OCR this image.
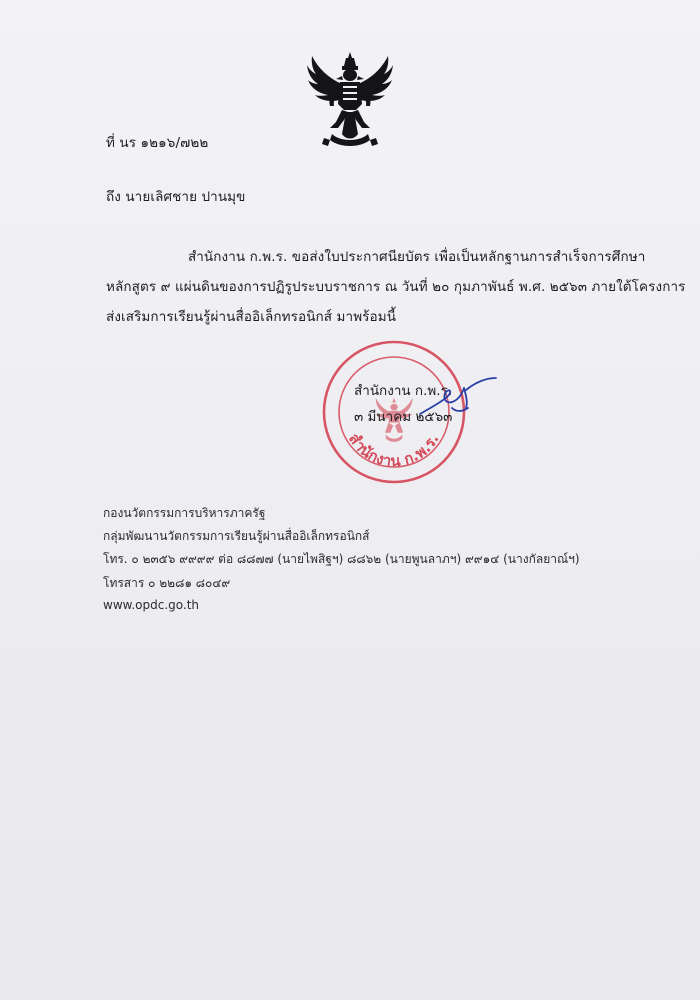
ที่ นร ๑๒๑๖/๗๒๒
ถึง นายเลิศชาย ปานมุข
สำนักงาน ก.พ.ร. ขอส่งใบประกาศนียบัตร เพื่อเป็นหลักฐานการสำเร็จการศึกษา
หลักสูตร ๙ แผ่นดินของการปฏิรูประบบราชการ ณ วันที่ ๒๐ กุมภาพันธ์ พ.ศ. ๒๕๖๓ ภายใต้โครงการ
ส่งเสริมการเรียนรู้ผ่านสื่ออิเล็กทรอนิกส์ มาพร้อมนี้
สำนักงาน ก.พ.ร.
สำนักงาน ก.พ.ร.
๓ มีนาคม ๒๕๖๓
กองนวัตกรรมการบริหารภาครัฐ
กลุ่มพัฒนานวัตกรรมการเรียนรู้ผ่านสื่ออิเล็กทรอนิกส์
โทร. ๐ ๒๓๕๖ ๙๙๙๙ ต่อ ๘๘๗๗ (นายไพสิฐฯ) ๘๘๖๒ (นายพูนลาภฯ) ๙๙๑๔ (นางกัลยาณ์ฯ)
โทรสาร ๐ ๒๒๘๑ ๘๐๔๙
www.opdc.go.th
